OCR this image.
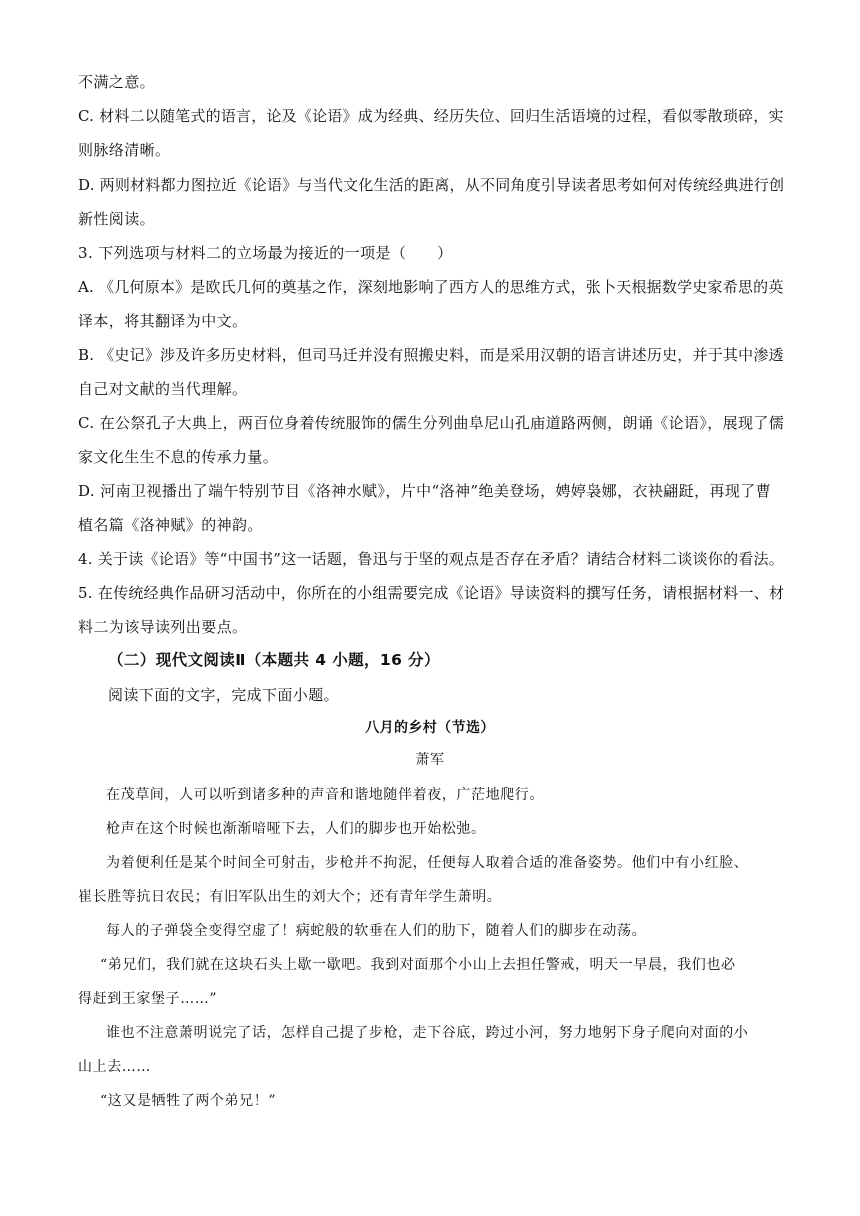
不满之意。
C. 材料二以随笔式的语言，论及《论语》成为经典、经历失位、回归生活语境的过程，看似零散琐碎，实
则脉络清晰。
D. 两则材料都力图拉近《论语》与当代文化生活的距离，从不同角度引导读者思考如何对传统经典进行创
新性阅读。
3. 下列选项与材料二的立场最为接近的一项是（　　）
A. 《几何原本》是欧氏几何的奠基之作，深刻地影响了西方人的思维方式，张卜天根据数学史家希思的英
译本，将其翻译为中文。
B. 《史记》涉及许多历史材料，但司马迁并没有照搬史料，而是采用汉朝的语言讲述历史，并于其中渗透
自己对文献的当代理解。
C. 在公祭孔子大典上，两百位身着传统服饰的儒生分列曲阜尼山孔庙道路两侧，朗诵《论语》，展现了儒
家文化生生不息的传承力量。
D. 河南卫视播出了端午特别节目《洛神水赋》，片中“洛神”绝美登场，娉婷袅娜，衣袂翩跹，再现了曹
植名篇《洛神赋》的神韵。
4. 关于读《论语》等“中国书”这一话题，鲁迅与于坚的观点是否存在矛盾？请结合材料二谈谈你的看法。
5. 在传统经典作品研习活动中，你所在的小组需要完成《论语》导读资料的撰写任务，请根据材料一、材
料二为该导读列出要点。
（二）现代文阅读Ⅱ（本题共 4 小题，16 分）
阅读下面的文字，完成下面小题。
八月的乡村（节选）
萧军
在茂草间，人可以听到诸多种的声音和谐地随伴着夜，广茫地爬行。
枪声在这个时候也渐渐喑哑下去，人们的脚步也开始松弛。
为着便利任是某个时间全可射击，步枪并不拘泥，任便每人取着合适的准备姿势。他们中有小红脸、
崔长胜等抗日农民；有旧军队出生的刘大个；还有青年学生萧明。
每人的子弹袋全变得空虚了！病蛇般的软垂在人们的肋下，随着人们的脚步在动荡。
“弟兄们，我们就在这块石头上歇一歇吧。我到对面那个小山上去担任警戒，明天一早晨，我们也必
得赶到王家堡子……”
谁也不注意萧明说完了话，怎样自己提了步枪，走下谷底，跨过小河，努力地躬下身子爬向对面的小
山上去……
“这又是牺牲了两个弟兄！”
